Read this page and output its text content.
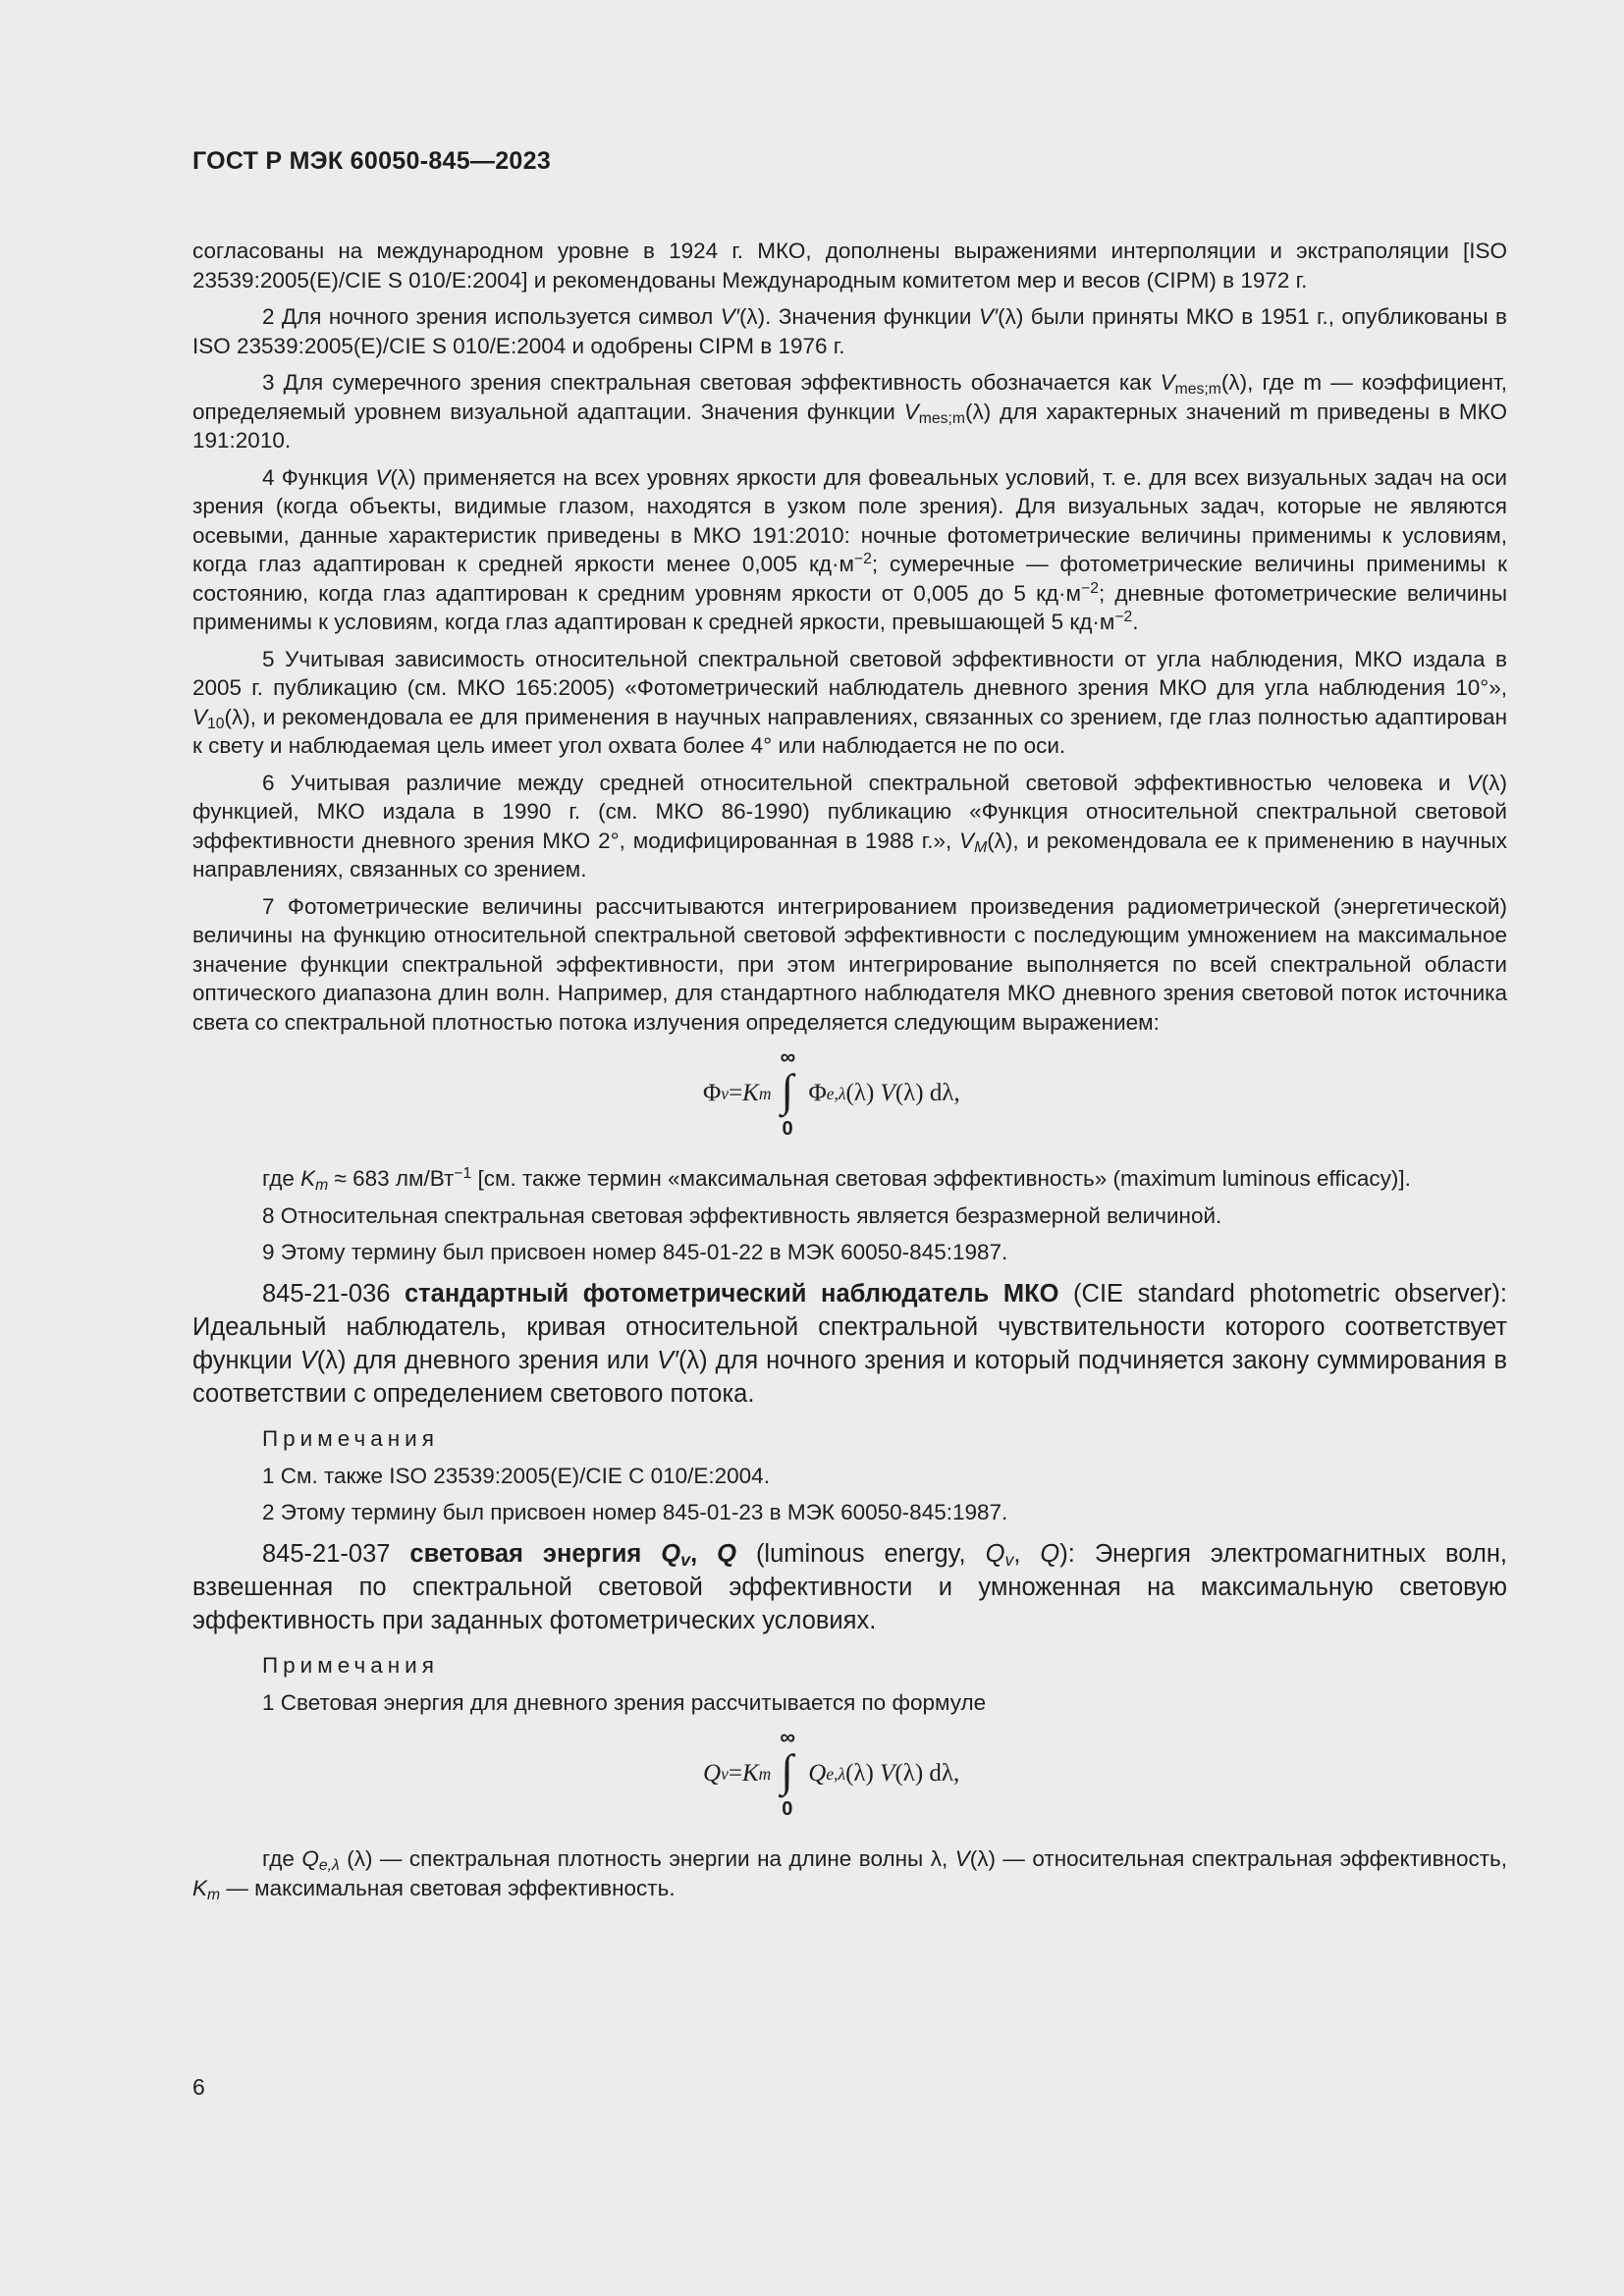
ГОСТ Р МЭК 60050-845—2023

согласованы на международном уровне в 1924 г. МКО, дополнены выражениями интерполяции и экстраполяции [ISO 23539:2005(E)/CIE S 010/E:2004] и рекомендованы Международным комитетом мер и весов (CIPM) в 1972 г.

2 Для ночного зрения используется символ V′(λ). Значения функции V′(λ) были приняты МКО в 1951 г., опубликованы в ISO 23539:2005(E)/CIE S 010/E:2004 и одобрены CIPM в 1976 г.

3 Для сумеречного зрения спектральная световая эффективность обозначается как $V_{mes;m}(\lambda)$, где m — коэффициент, определяемый уровнем визуальной адаптации. Значения функции $V_{mes;m}(\lambda)$ для характерных значений m приведены в МКО 191:2010.

4 Функция V(λ) применяется на всех уровнях яркости для фовеальных условий, т. е. для всех визуальных задач на оси зрения (когда объекты, видимые глазом, находятся в узком поле зрения). Для визуальных задач, которые не являются осевыми, данные характеристик приведены в МКО 191:2010: ночные фотометрические величины применимы к условиям, когда глаз адаптирован к средней яркости менее 0,005 $кд\cdot м^{-2}$; сумеречные — фотометрические величины применимы к состоянию, когда глаз адаптирован к средним уровням яркости от 0,005 до 5 $кд\cdot м^{-2}$; дневные фотометрические величины применимы к условиям, когда глаз адаптирован к средней яркости, превышающей 5 $кд\cdot м^{-2}$.

5 Учитывая зависимость относительной спектральной световой эффективности от угла наблюдения, МКО издала в 2005 г. публикацию (см. МКО 165:2005) «Фотометрический наблюдатель дневного зрения МКО для угла наблюдения 10°», $V_{10}(\lambda)$, и рекомендовала ее для применения в научных направлениях, связанных со зрением, где глаз полностью адаптирован к свету и наблюдаемая цель имеет угол охвата более 4° или наблюдается не по оси.

6 Учитывая различие между средней относительной спектральной световой эффективностью человека и V(λ) функцией, МКО издала в 1990 г. (см. МКО 86-1990) публикацию «Функция относительной спектральной световой эффективности дневного зрения МКО 2°, модифицированная в 1988 г.», $V_M(\lambda)$, и рекомендовала ее к применению в научных направлениях, связанных со зрением.

7 Фотометрические величины рассчитываются интегрированием произведения радиометрической (энергетической) величины на функцию относительной спектральной световой эффективности с последующим умножением на максимальное значение функции спектральной эффективности, при этом интегрирование выполняется по всей спектральной области оптического диапазона длин волн. Например, для стандартного наблюдателя МКО дневного зрения световой поток источника света со спектральной плотностью потока излучения определяется следующим выражением:

Φ v = K m
∞
∫
0
Φ e,λ (λ)
V (λ) dλ,

где $K_m \approx 683$ $лм/Вт^{-1}$ [см. также термин «максимальная световая эффективность» (maximum luminous efficacy)].

8 Относительная спектральная световая эффективность является безразмерной величиной.

9 Этому термину был присвоен номер 845-01-22 в МЭК 60050-845:1987.

845-21-036 стандартный фотометрический наблюдатель МКО (CIE standard photometric observer): Идеальный наблюдатель, кривая относительной спектральной чувствительности которого соответствует функции V(λ) для дневного зрения или V′(λ) для ночного зрения и который подчиняется закону суммирования в соответствии с определением светового потока.

Примечания

1 См. также ISO 23539:2005(E)/CIE C 010/E:2004.

2 Этому термину был присвоен номер 845-01-23 в МЭК 60050-845:1987.

845-21-037 световая энергия $Q_v$, Q (luminous energy, $Q_v$, Q): Энергия электромагнитных волн, взвешенная по спектральной световой эффективности и умноженная на максимальную световую эффективность при заданных фотометрических условиях.

Примечания

1 Световая энергия для дневного зрения рассчитывается по формуле

Q v = K m
∞
∫
0
Q e,λ (λ)
V (λ) dλ,

где $Q_{e,\lambda}$ (λ) — спектральная плотность энергии на длине волны λ, V(λ) — относительная спектральная эффективность, $K_m$ — максимальная световая эффективность.

6
